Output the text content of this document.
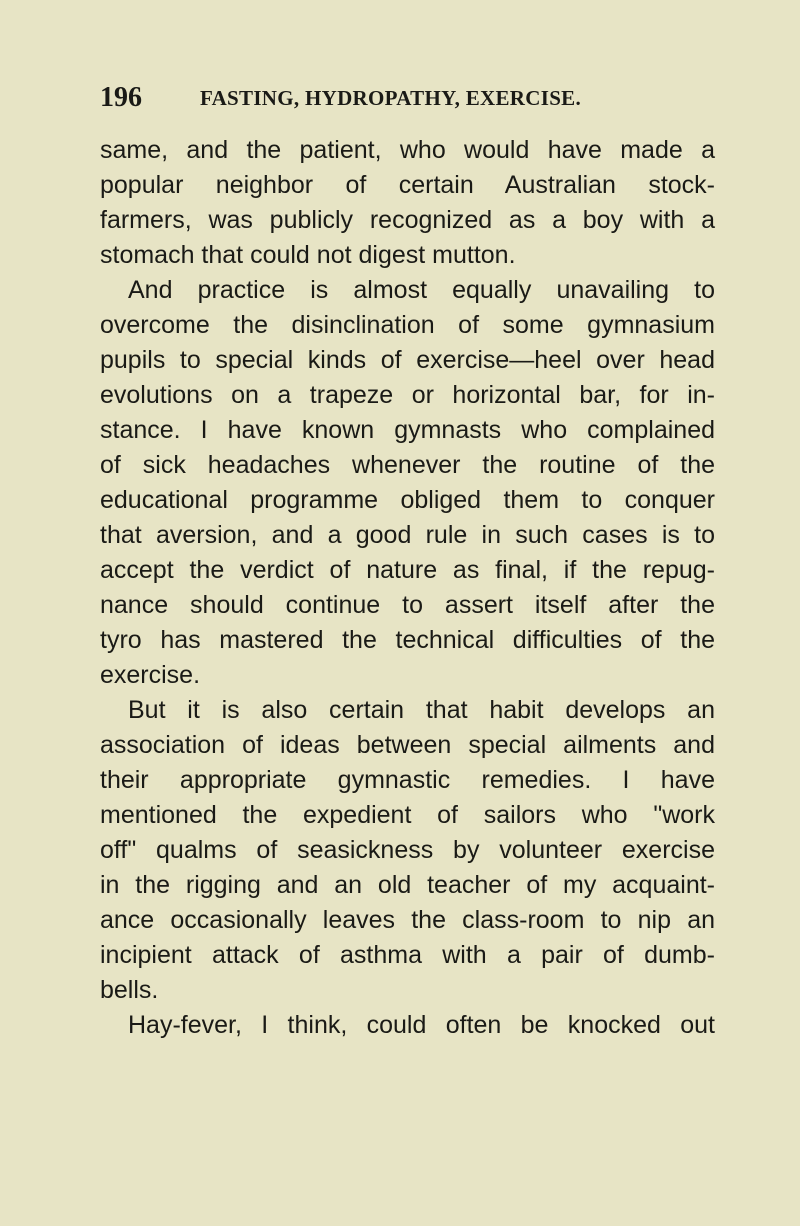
196	FASTING, HYDROPATHY, EXERCISE.
same, and the patient, who would have made a
popular neighbor of certain Australian stock-
farmers, was publicly recognized as a boy with a
stomach that could not digest mutton.
And practice is almost equally unavailing to
overcome the disinclination of some gymnasium
pupils to special kinds of exercise—heel over head
evolutions on a trapeze or horizontal bar, for in-
stance. I have known gymnasts who complained
of sick headaches whenever the routine of the
educational programme obliged them to conquer
that aversion, and a good rule in such cases is to
accept the verdict of nature as final, if the repug-
nance should continue to assert itself after the
tyro has mastered the technical difficulties of the
exercise.
But it is also certain that habit develops an
association of ideas between special ailments and
their appropriate gymnastic remedies. I have
mentioned the expedient of sailors who "work
off" qualms of seasickness by volunteer exercise
in the rigging and an old teacher of my acquaint-
ance occasionally leaves the class-room to nip an
incipient attack of asthma with a pair of dumb-
bells.
Hay-fever, I think, could often be knocked out
